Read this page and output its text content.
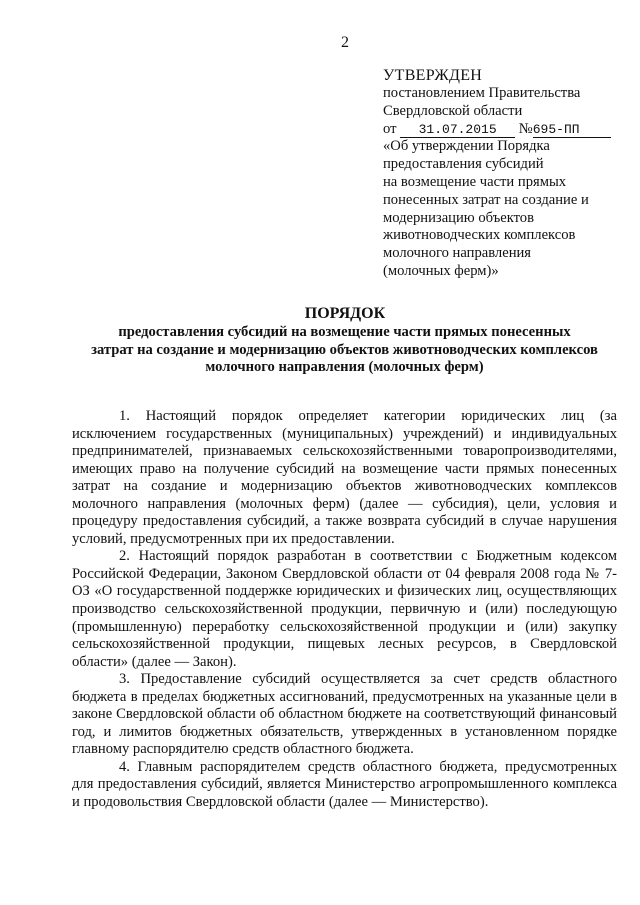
2
УТВЕРЖДЕН
постановлением Правительства
Свердловской области
от 31.07.2015 №695-ПП
«Об утверждении Порядка
предоставления субсидий
на возмещение части прямых
понесенных затрат на создание и
модернизацию объектов
животноводческих комплексов
молочного направления
(молочных ферм)»
ПОРЯДОК
предоставления субсидий на возмещение части прямых понесенных
затрат на создание и модернизацию объектов животноводческих комплексов
молочного направления (молочных ферм)

1. Настоящий порядок определяет категории юридических лиц (за исключением государственных (муниципальных) учреждений) и индивидуальных предпринимателей, признаваемых сельскохозяйственными товаропроизводителями, имеющих право на получение субсидий на возмещение части прямых понесенных затрат на создание и модернизацию объектов животноводческих комплексов молочного направления (молочных ферм) (далее — субсидия), цели, условия и процедуру предоставления субсидий, а также возврата субсидий в случае нарушения условий, предусмотренных при их предоставлении.

2. Настоящий порядок разработан в соответствии с Бюджетным кодексом Российской Федерации, Законом Свердловской области от 04 февраля 2008 года № 7-ОЗ «О государственной поддержке юридических и физических лиц, осуществляющих производство сельскохозяйственной продукции, первичную и (или) последующую (промышленную) переработку сельскохозяйственной продукции и (или) закупку сельскохозяйственной продукции, пищевых лесных ресурсов, в Свердловской области» (далее — Закон).

3. Предоставление субсидий осуществляется за счет средств областного бюджета в пределах бюджетных ассигнований, предусмотренных на указанные цели в законе Свердловской области об областном бюджете на соответствующий финансовый год, и лимитов бюджетных обязательств, утвержденных в установленном порядке главному распорядителю средств областного бюджета.

4. Главным распорядителем средств областного бюджета, предусмотренных для предоставления субсидий, является Министерство агропромышленного комплекса и продовольствия Свердловской области (далее — Министерство).
